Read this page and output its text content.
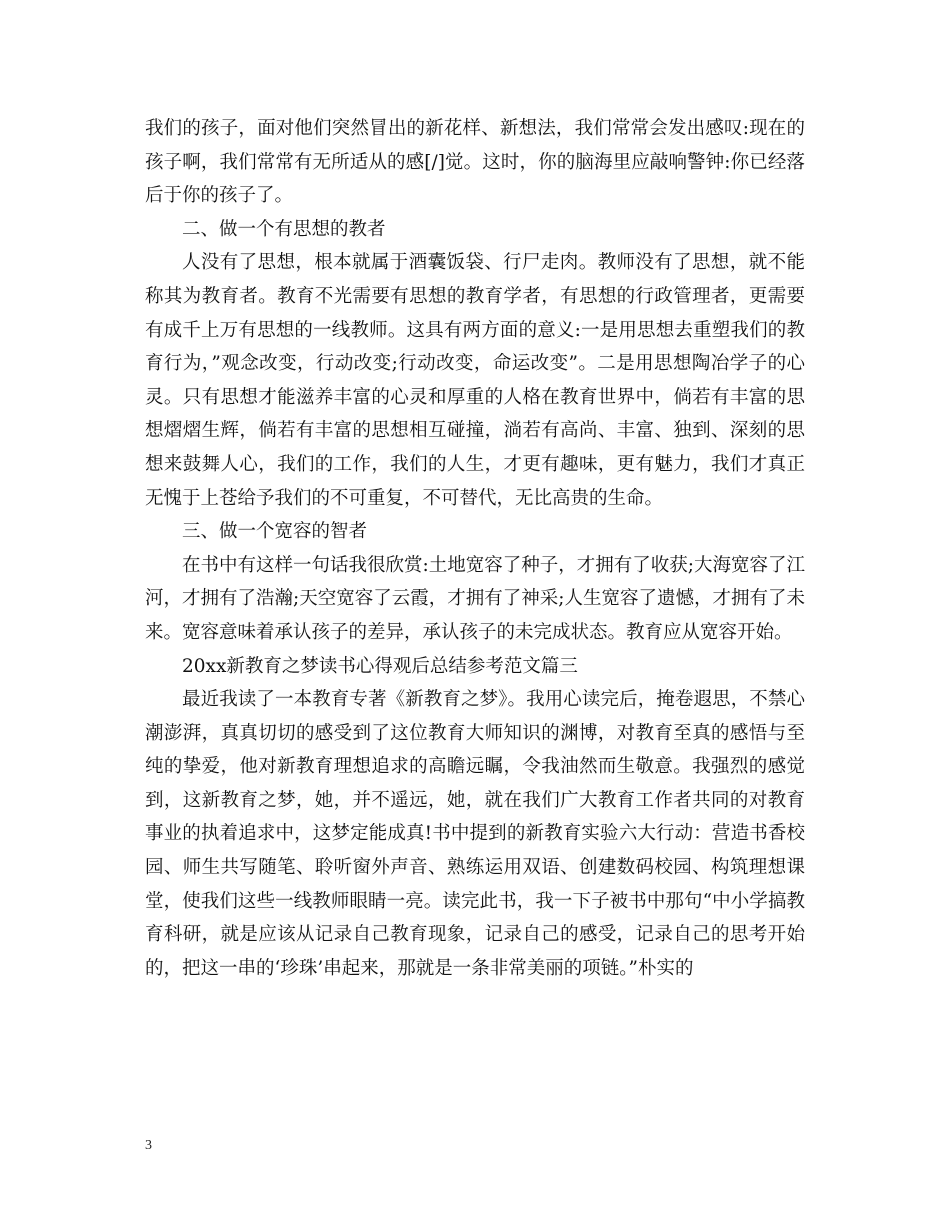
我们的孩子，面对他们突然冒出的新花样、新想法，我们常常会发出感叹:现在的孩子啊，我们常常有无所适从的感[/]觉。这时，你的脑海里应敲响警钟:你已经落后于你的孩子了。

二、做一个有思想的教者

人没有了思想，根本就属于酒囊饭袋、行尸走肉。教师没有了思想，就不能称其为教育者。教育不光需要有思想的教育学者，有思想的行政管理者，更需要有成千上万有思想的一线教师。这具有两方面的意义:一是用思想去重塑我们的教育行为，”观念改变，行动改变;行动改变，命运改变”。二是用思想陶冶学子的心灵。只有思想才能滋养丰富的心灵和厚重的人格在教育世界中，倘若有丰富的思想熠熠生辉，倘若有丰富的思想相互碰撞，淌若有高尚、丰富、独到、深刻的思想来鼓舞人心，我们的工作，我们的人生，才更有趣味，更有魅力，我们才真正无愧于上苍给予我们的不可重复，不可替代，无比高贵的生命。

三、做一个宽容的智者

在书中有这样一句话我很欣赏:土地宽容了种子，才拥有了收获;大海宽容了江河，才拥有了浩瀚;天空宽容了云霞，才拥有了神采;人生宽容了遗憾，才拥有了未来。宽容意味着承认孩子的差异，承认孩子的未完成状态。教育应从宽容开始。

20xx新教育之梦读书心得观后总结参考范文篇三

最近我读了一本教育专著《新教育之梦》。我用心读完后，掩卷遐思，不禁心潮澎湃，真真切切的感受到了这位教育大师知识的渊博，对教育至真的感悟与至纯的挚爱，他对新教育理想追求的高瞻远瞩，令我油然而生敬意。我强烈的感觉到，这新教育之梦，她，并不遥远，她，就在我们广大教育工作者共同的对教育事业的执着追求中，这梦定能成真!书中提到的新教育实验六大行动：营造书香校园、师生共写随笔、聆听窗外声音、熟练运用双语、创建数码校园、构筑理想课堂，使我们这些一线教师眼睛一亮。读完此书，我一下子被书中那句“中小学搞教育科研，就是应该从记录自己教育现象，记录自己的感受，记录自己的思考开始的，把这一串的‘珍珠’串起来，那就是一条非常美丽的项链。”朴实的

3
